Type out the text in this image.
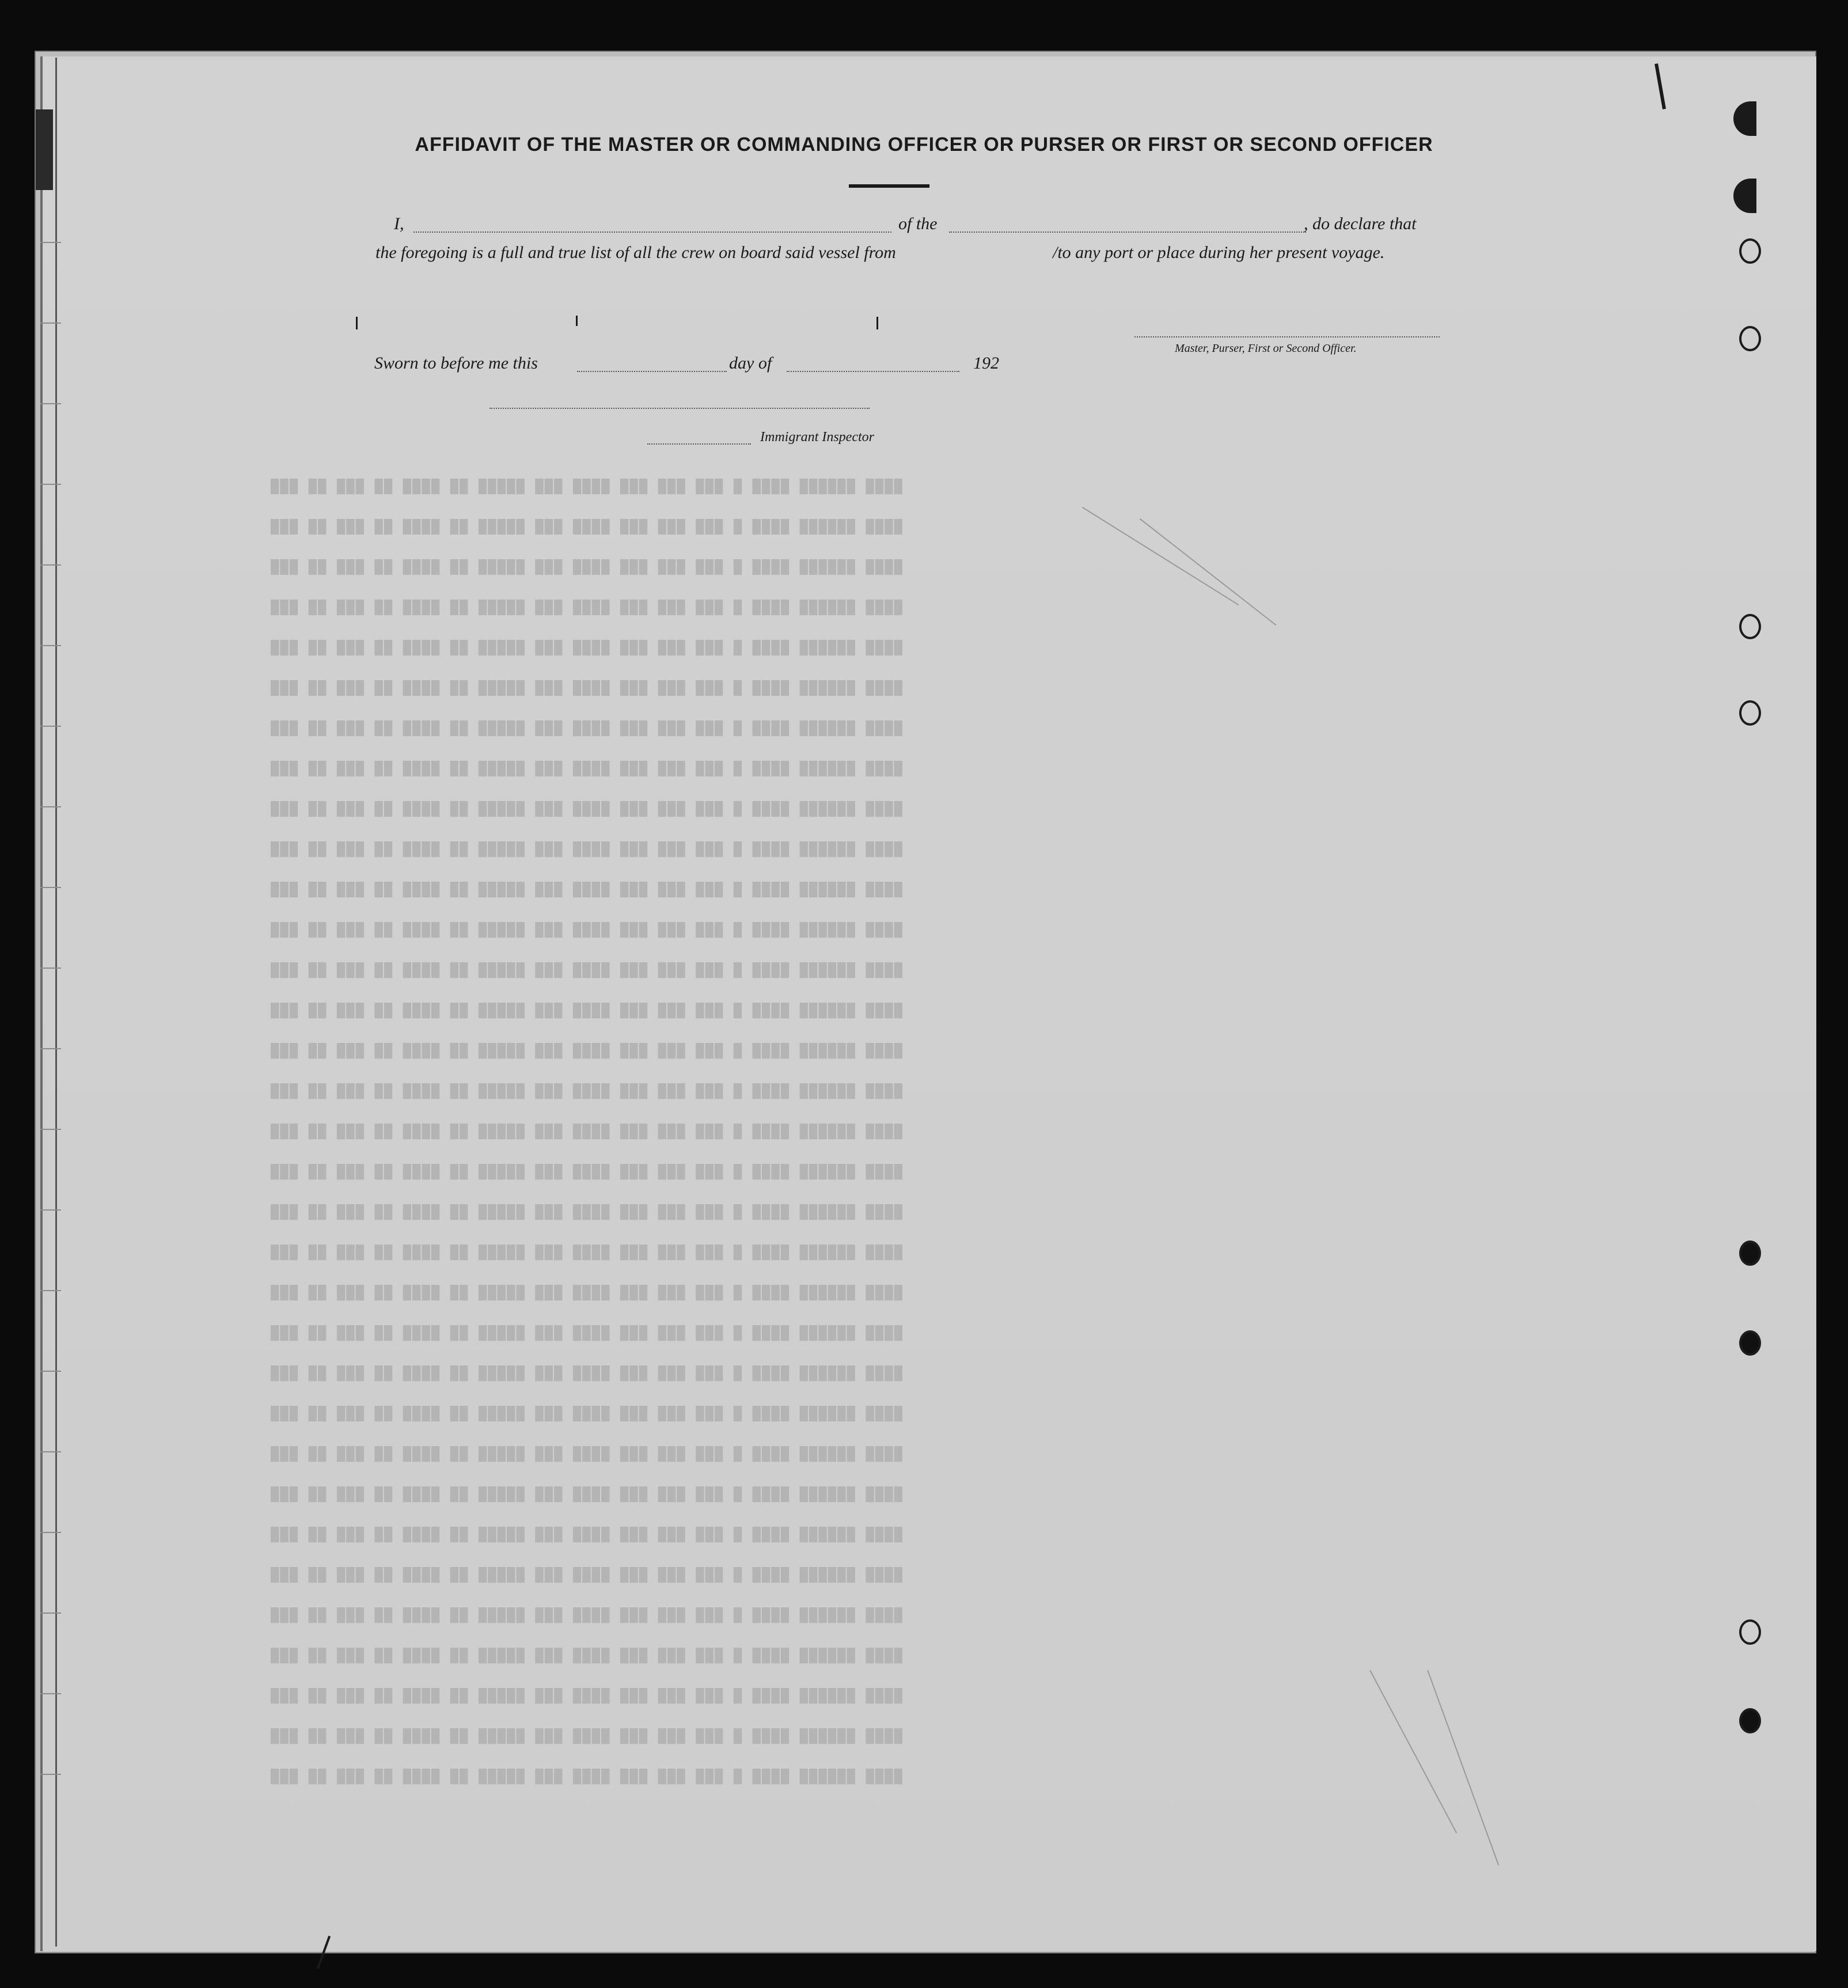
███ ██ ███ ██ ████ ██ █████ ███ ████ ███ ███ ███ █ ████ ██████ ████
███ ██ ███ ██ ████ ██ █████ ███ ████ ███ ███ ███ █ ████ ██████ ████
███ ██ ███ ██ ████ ██ █████ ███ ████ ███ ███ ███ █ ████ ██████ ████
███ ██ ███ ██ ████ ██ █████ ███ ████ ███ ███ ███ █ ████ ██████ ████
███ ██ ███ ██ ████ ██ █████ ███ ████ ███ ███ ███ █ ████ ██████ ████
███ ██ ███ ██ ████ ██ █████ ███ ████ ███ ███ ███ █ ████ ██████ ████
███ ██ ███ ██ ████ ██ █████ ███ ████ ███ ███ ███ █ ████ ██████ ████
███ ██ ███ ██ ████ ██ █████ ███ ████ ███ ███ ███ █ ████ ██████ ████
███ ██ ███ ██ ████ ██ █████ ███ ████ ███ ███ ███ █ ████ ██████ ████
███ ██ ███ ██ ████ ██ █████ ███ ████ ███ ███ ███ █ ████ ██████ ████
███ ██ ███ ██ ████ ██ █████ ███ ████ ███ ███ ███ █ ████ ██████ ████
███ ██ ███ ██ ████ ██ █████ ███ ████ ███ ███ ███ █ ████ ██████ ████
███ ██ ███ ██ ████ ██ █████ ███ ████ ███ ███ ███ █ ████ ██████ ████
███ ██ ███ ██ ████ ██ █████ ███ ████ ███ ███ ███ █ ████ ██████ ████
███ ██ ███ ██ ████ ██ █████ ███ ████ ███ ███ ███ █ ████ ██████ ████
███ ██ ███ ██ ████ ██ █████ ███ ████ ███ ███ ███ █ ████ ██████ ████
███ ██ ███ ██ ████ ██ █████ ███ ████ ███ ███ ███ █ ████ ██████ ████
███ ██ ███ ██ ████ ██ █████ ███ ████ ███ ███ ███ █ ████ ██████ ████
███ ██ ███ ██ ████ ██ █████ ███ ████ ███ ███ ███ █ ████ ██████ ████
███ ██ ███ ██ ████ ██ █████ ███ ████ ███ ███ ███ █ ████ ██████ ████
███ ██ ███ ██ ████ ██ █████ ███ ████ ███ ███ ███ █ ████ ██████ ████
███ ██ ███ ██ ████ ██ █████ ███ ████ ███ ███ ███ █ ████ ██████ ████
███ ██ ███ ██ ████ ██ █████ ███ ████ ███ ███ ███ █ ████ ██████ ████
███ ██ ███ ██ ████ ██ █████ ███ ████ ███ ███ ███ █ ████ ██████ ████
███ ██ ███ ██ ████ ██ █████ ███ ████ ███ ███ ███ █ ████ ██████ ████
███ ██ ███ ██ ████ ██ █████ ███ ████ ███ ███ ███ █ ████ ██████ ████
███ ██ ███ ██ ████ ██ █████ ███ ████ ███ ███ ███ █ ████ ██████ ████
███ ██ ███ ██ ████ ██ █████ ███ ████ ███ ███ ███ █ ████ ██████ ████
███ ██ ███ ██ ████ ██ █████ ███ ████ ███ ███ ███ █ ████ ██████ ████
███ ██ ███ ██ ████ ██ █████ ███ ████ ███ ███ ███ █ ████ ██████ ████
███ ██ ███ ██ ████ ██ █████ ███ ████ ███ ███ ███ █ ████ ██████ ████
███ ██ ███ ██ ████ ██ █████ ███ ████ ███ ███ ███ █ ████ ██████ ████
███ ██ ███ ██ ████ ██ █████ ███ ████ ███ ███ ███ █ ████ ██████ ████
AFFIDAVIT OF THE MASTER OR COMMANDING OFFICER OR PURSER OR FIRST OR SECOND OFFICER
I,	of the	, do declare that
the foregoing is a full and true list of all the crew on board said vessel from	/to any port or place during her present voyage.
Master, Purser, First or Second Officer.
Sworn to before me this	day of	192
Immigrant Inspector
